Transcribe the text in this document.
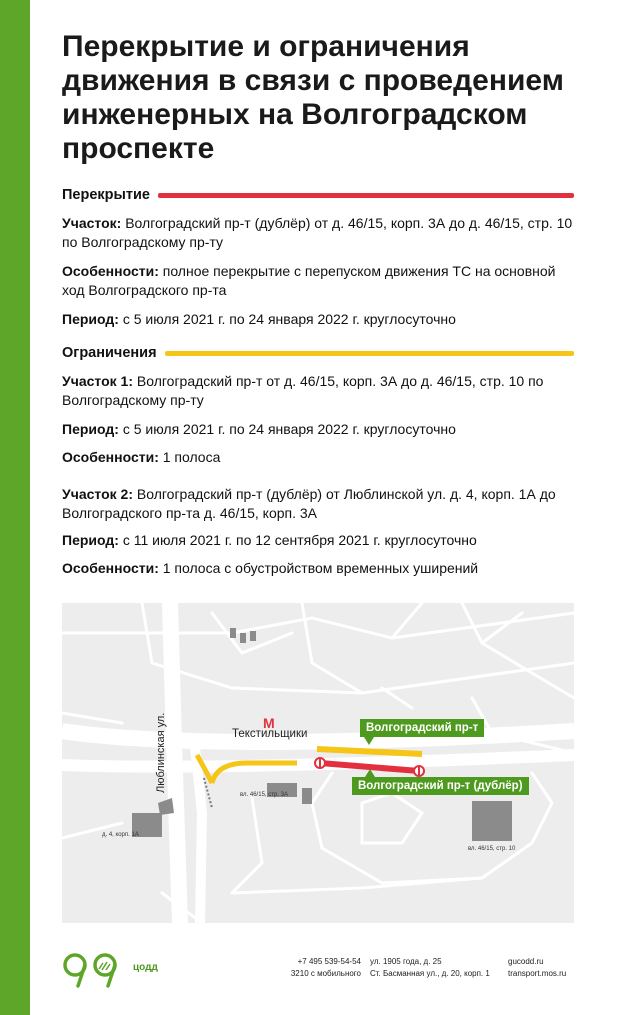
Перекрытие и ограничения движения в связи с проведением инженерных на Волгоградском проспекте
Перекрытие

Участок: Волгоградский пр-т (дублёр) от д. 46/15, корп. 3А до д. 46/15, стр. 10 по Волгоградскому пр-ту

Особенности: полное перекрытие с перепуском движения ТС на основной ход Волгоградского пр-та

Период: с 5 июля 2021 г. по 24 января 2022 г. круглосуточно

Ограничения

Участок 1: Волгоградский пр-т от д. 46/15, корп. 3А до д. 46/15, стр. 10 по Волгоградскому пр-ту

Период: с 5 июля 2021 г. по 24 января 2022 г. круглосуточно

Особенности: 1 полоса

Участок 2: Волгоградский пр-т (дублёр) от Люблинской ул. д. 4, корп. 1А до Волгоградского пр-та д. 46/15, корп. 3А

Период: с 11 июля 2021 г. по 12 сентября 2021 г. круглосуточно

Особенности: 1 полоса с обустройством временных уширений

М
Текстильщики
Люблинская ул.	Волгоградский пр-т
Волгоградский пр-т (дублёр)
вл. 46/15, стр. 3А
д. 4, корп. 1А
вл. 46/15, стр. 10
цодд
+7 495 539-54-54
3210 с мобильного
ул. 1905 года, д. 25
Ст. Басманная ул., д. 20, корп. 1
gucodd.ru
transport.mos.ru
